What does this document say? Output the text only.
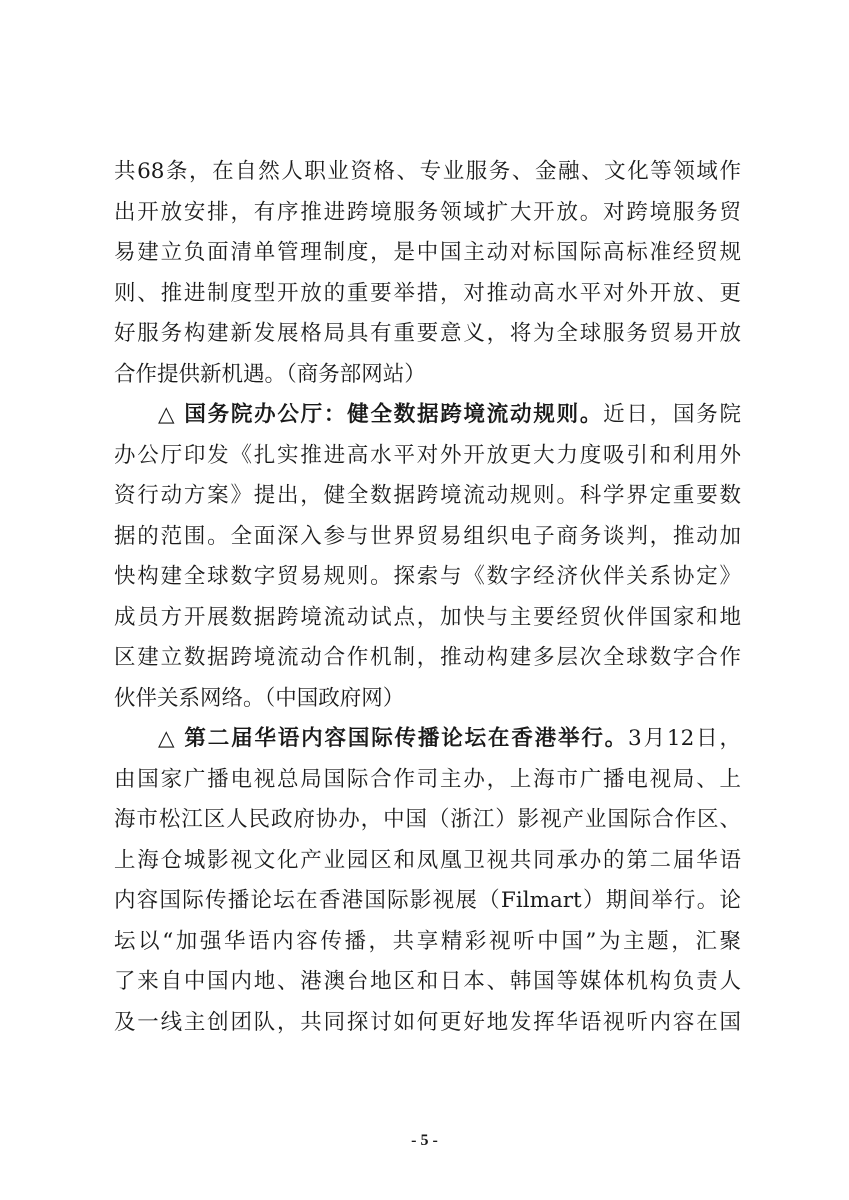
共68条，在自然人职业资格、专业服务、金融、文化等领域作
出开放安排，有序推进跨境服务领域扩大开放。对跨境服务贸
易建立负面清单管理制度，是中国主动对标国际高标准经贸规
则、推进制度型开放的重要举措，对推动高水平对外开放、更
好服务构建新发展格局具有重要意义，将为全球服务贸易开放
合作提供新机遇。（商务部网站）
△ 国务院办公厅：健全数据跨境流动规则。近日，国务院
办公厅印发《扎实推进高水平对外开放更大力度吸引和利用外
资行动方案》提出，健全数据跨境流动规则。科学界定重要数
据的范围。全面深入参与世界贸易组织电子商务谈判，推动加
快构建全球数字贸易规则。探索与《数字经济伙伴关系协定》
成员方开展数据跨境流动试点，加快与主要经贸伙伴国家和地
区建立数据跨境流动合作机制，推动构建多层次全球数字合作
伙伴关系网络。（中国政府网）
△ 第二届华语内容国际传播论坛在香港举行。3月12日，
由国家广播电视总局国际合作司主办，上海市广播电视局、上
海市松江区人民政府协办，中国（浙江）影视产业国际合作区、
上海仓城影视文化产业园区和凤凰卫视共同承办的第二届华语
内容国际传播论坛在香港国际影视展（Filmart）期间举行。论
坛以“加强华语内容传播，共享精彩视听中国”为主题，汇聚
了来自中国内地、港澳台地区和日本、韩国等媒体机构负责人
及一线主创团队，共同探讨如何更好地发挥华语视听内容在国
- 5 -
